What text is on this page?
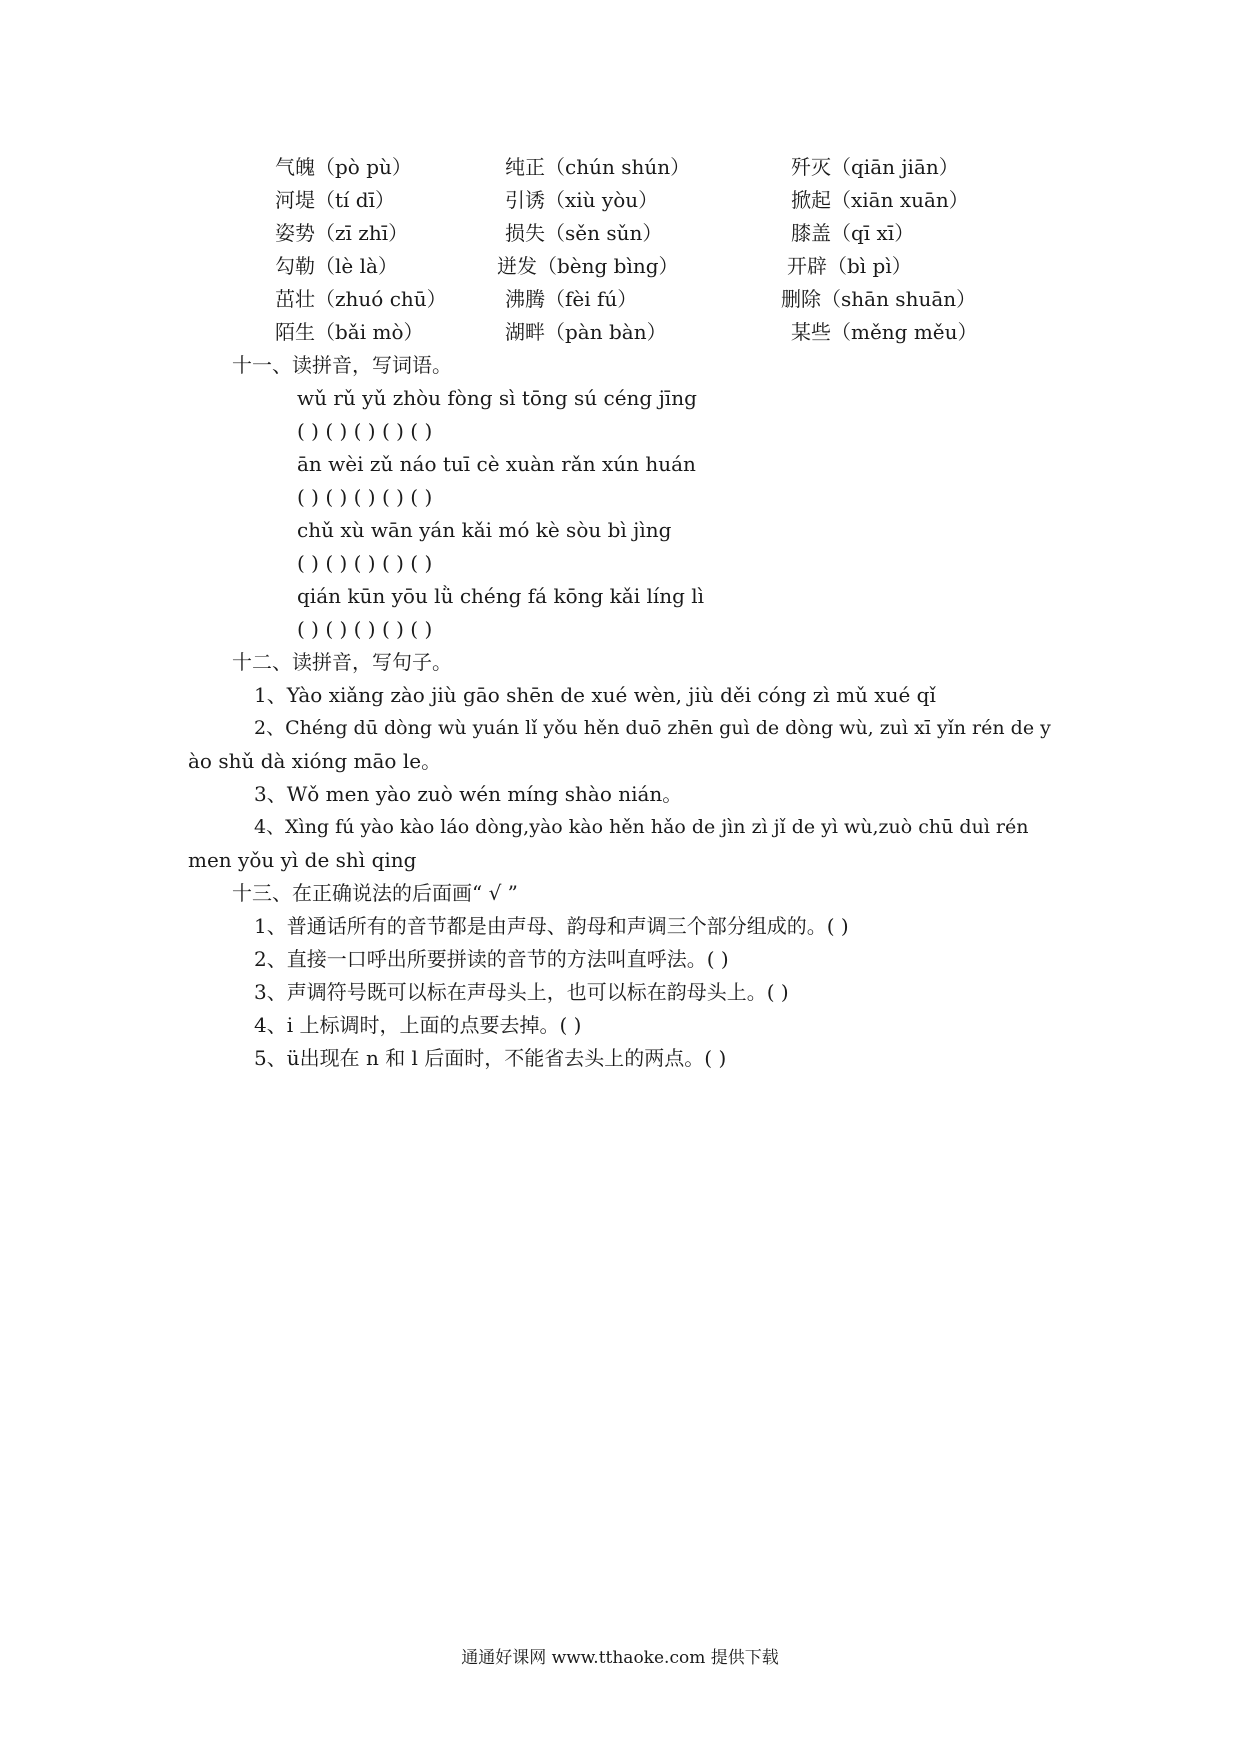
气魄（pò pù）	纯正（chún shún）	歼灭（qiān jiān）
河堤（tí dī）	引诱（xiù yòu）	掀起（xiān xuān）
姿势（zī zhī）	损失（sěn sǔn）	膝盖（qī xī）
勾勒（lè là）	迸发（bèng bìng）	开辟（bì pì）
茁壮（zhuó chū）	沸腾（fèi fú）	删除（shān shuān）
陌生（bǎi mò）	湖畔（pàn bàn）	某些（měng měu）
十一、读拼音，写词语。
wǔ rǔ yǔ zhòu fòng sì tōng sú céng jīng
( ) ( ) ( ) ( ) ( )
ān wèi zǔ náo tuī cè xuàn rǎn xún huán
( ) ( ) ( ) ( ) ( )
chǔ xù wān yán kǎi mó kè sòu bì jìng
( ) ( ) ( ) ( ) ( )
qián kūn yōu lǜ chéng fá kōng kǎi líng lì
( ) ( ) ( ) ( ) ( )
十二、读拼音，写句子。
1、Yào xiǎng zào jiù gāo shēn de xué wèn, jiù děi cóng zì mǔ xué qǐ
2、Chéng dū dòng wù yuán lǐ yǒu hěn duō zhēn guì de dòng wù, zuì xī yǐn rén de y
ào shǔ dà xióng māo le。
3、Wǒ men yào zuò wén míng shào nián。
4、Xìng fú yào kào láo dòng,yào kào hěn hǎo de jìn zì jǐ de yì wù,zuò chū duì rén
men yǒu yì de shì qing
十三、在正确说法的后面画“ √ ”
1、普通话所有的音节都是由声母、韵母和声调三个部分组成的。( )
2、直接一口呼出所要拼读的音节的方法叫直呼法。( )
3、声调符号既可以标在声母头上，也可以标在韵母头上。( )
4、i 上标调时，上面的点要去掉。( )
5、ü出现在 n 和 l 后面时，不能省去头上的两点。( )
通通好课网 www.tthaoke.com 提供下载
